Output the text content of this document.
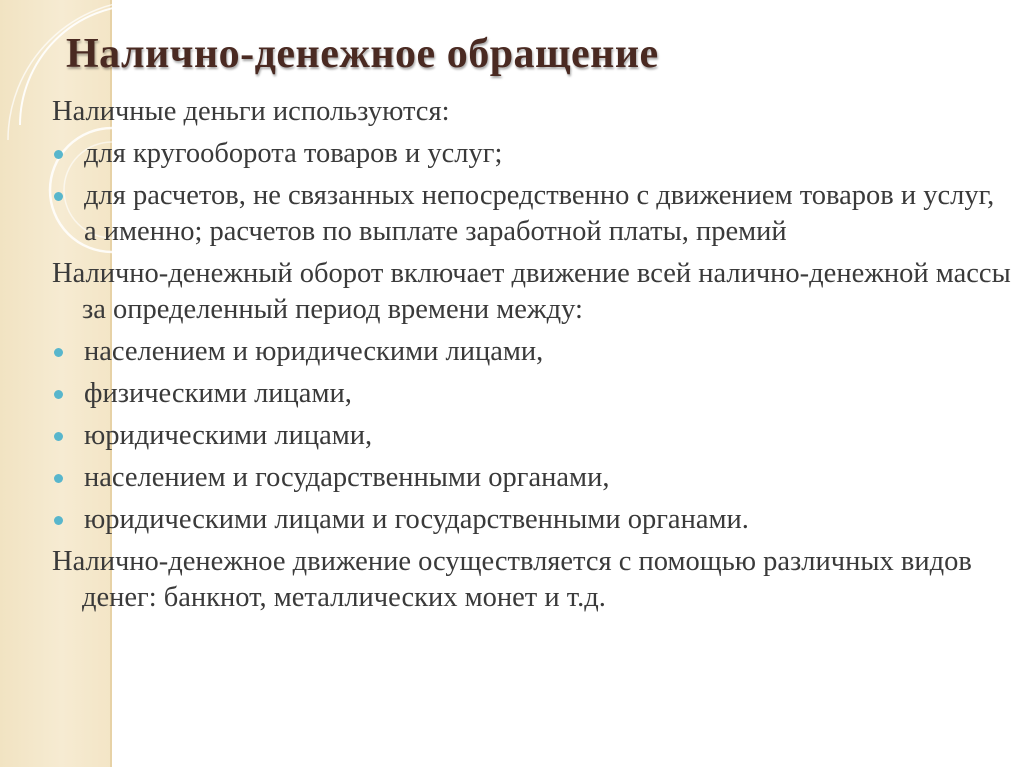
Налично-денежное обращение

Наличные деньги используются:

для кругооборота товаров и услуг;
для расчетов, не связанных непосредственно с движением товаров и услуг, а именно; расчетов по выплате заработной платы, премий

Налично-денежный оборот включает движение всей налично-денежной массы за определенный период времени между:

населением и юридическими лицами,
физическими лицами,
юридическими лицами,
населением и государственными органами,
юридическими лицами и государственными органами.

Налично-денежное движение осуществляется с помощью различных видов денег: банкнот, металлических монет и т.д.
